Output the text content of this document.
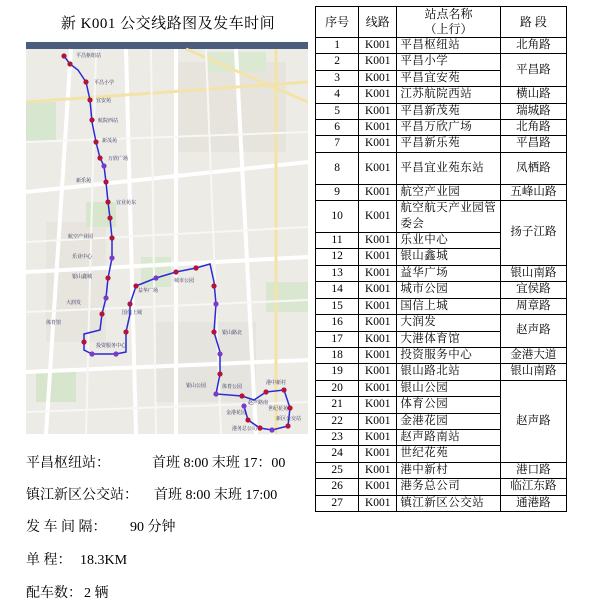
新 K001 公交线路图及发车时间
平昌枢纽站
平昌小学
宜安苑
航院西站
新茂苑
万欣广场
新乐苑
宜业苑东
航空产业园
乐业中心
银山鑫城
益华广场
城市公园
国信上城
大润发
体育馆
投资服务中心
银山路北
银山公园	体育公园
金港花园
赵声路南
世纪花苑
港中新村
港务总公司
新区公交站
平昌枢纽站：	首班 8:00 末班 17：00
镇江新区公交站： 首班 8:00 末班 17:00
发 车 间 隔： 90 分钟
单 程： 18.3KM
配车数： 2 辆
序号	线路	站点名称
（上行）	路 段
1	K001	平昌枢纽站	北角路
2	K001	平昌小学	平昌路
3	K001	平昌宜安苑	
4	K001	江苏航院西站	横山路
5	K001	平昌新茂苑	瑞城路
6	K001	平昌万欣广场	北角路
7	K001	平昌新乐苑	平昌路
8	K001	平昌宜业苑东站	凤栖路
9	K001	航空产业园	五峰山路
10	K001	航空航天产业园管委会	扬子江路
11	K001	乐业中心	
12	K001	银山鑫城	
13	K001	益华广场	银山南路
14	K001	城市公园	宜侯路
15	K001	国信上城	周章路
16	K001	大润发	赵声路
17	K001	大港体育馆	
18	K001	投资服务中心	金港大道
19	K001	银山路北站	银山南路
20	K001	银山公园	赵声路
21	K001	体育公园	
22	K001	金港花园	
23	K001	赵声路南站	
24	K001	世纪花苑	
25	K001	港中新村	港口路
26	K001	港务总公司	临江东路
27	K001	镇江新区公交站	通港路
